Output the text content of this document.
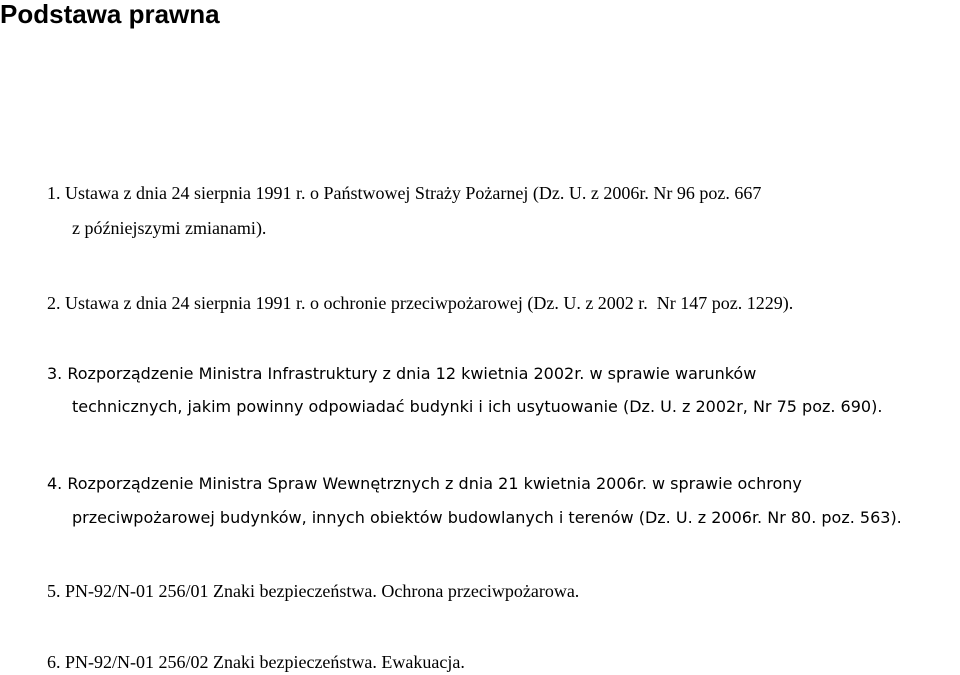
Podstawa prawna

1. Ustawa z dnia 24 sierpnia 1991 r. o Państwowej Straży Pożarnej (Dz. U. z 2006r. Nr 96 poz. 667

z późniejszymi zmianami).

2. Ustawa z dnia 24 sierpnia 1991 r. o ochronie przeciwpożarowej (Dz. U. z 2002 r.  Nr 147 poz. 1229).

3. Rozporządzenie Ministra Infrastruktury z dnia 12 kwietnia 2002r. w sprawie warunków

technicznych, jakim powinny odpowiadać budynki i ich usytuowanie (Dz. U. z 2002r, Nr 75 poz. 690).

4. Rozporządzenie Ministra Spraw Wewnętrznych z dnia 21 kwietnia 2006r. w sprawie ochrony

przeciwpożarowej budynków, innych obiektów budowlanych i terenów (Dz. U. z 2006r. Nr 80. poz. 563).

5. PN-92/N-01 256/01 Znaki bezpieczeństwa. Ochrona przeciwpożarowa.

6. PN-92/N-01 256/02 Znaki bezpieczeństwa. Ewakuacja.
